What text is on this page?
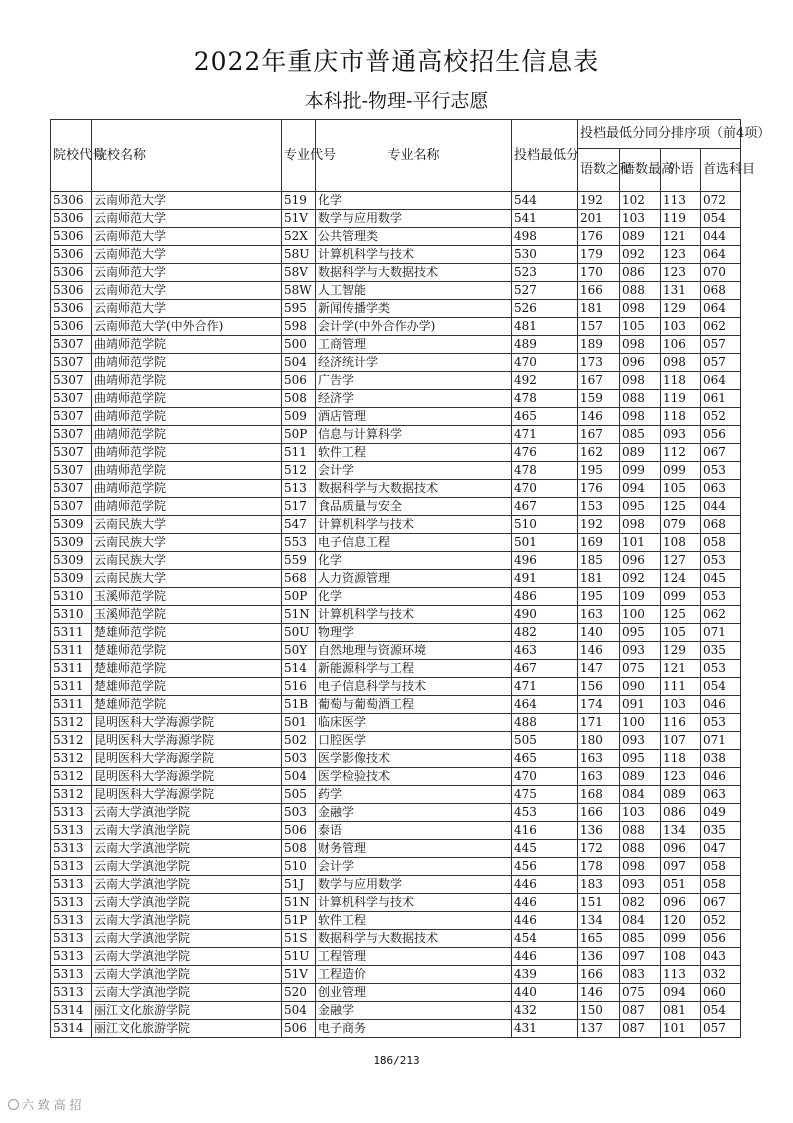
2022年重庆市普通高校招生信息表
本科批-物理-平行志愿
院校代号	院校名称	专业代号	专业名称	投档最低分	投档最低分同分排序项（前4项）			
					语数之和	语数最高	外语	首选科目
5306	云南师范大学	519	化学	544	192	102	113	072
5306	云南师范大学	51V	数学与应用数学	541	201	103	119	054
5306	云南师范大学	52X	公共管理类	498	176	089	121	044
5306	云南师范大学	58U	计算机科学与技术	530	179	092	123	064
5306	云南师范大学	58V	数据科学与大数据技术	523	170	086	123	070
5306	云南师范大学	58W	人工智能	527	166	088	131	068
5306	云南师范大学	595	新闻传播学类	526	181	098	129	064
5306	云南师范大学(中外合作)	598	会计学(中外合作办学)	481	157	105	103	062
5307	曲靖师范学院	500	工商管理	489	189	098	106	057
5307	曲靖师范学院	504	经济统计学	470	173	096	098	057
5307	曲靖师范学院	506	广告学	492	167	098	118	064
5307	曲靖师范学院	508	经济学	478	159	088	119	061
5307	曲靖师范学院	509	酒店管理	465	146	098	118	052
5307	曲靖师范学院	50P	信息与计算科学	471	167	085	093	056
5307	曲靖师范学院	511	软件工程	476	162	089	112	067
5307	曲靖师范学院	512	会计学	478	195	099	099	053
5307	曲靖师范学院	513	数据科学与大数据技术	470	176	094	105	063
5307	曲靖师范学院	517	食品质量与安全	467	153	095	125	044
5309	云南民族大学	547	计算机科学与技术	510	192	098	079	068
5309	云南民族大学	553	电子信息工程	501	169	101	108	058
5309	云南民族大学	559	化学	496	185	096	127	053
5309	云南民族大学	568	人力资源管理	491	181	092	124	045
5310	玉溪师范学院	50P	化学	486	195	109	099	053
5310	玉溪师范学院	51N	计算机科学与技术	490	163	100	125	062
5311	楚雄师范学院	50U	物理学	482	140	095	105	071
5311	楚雄师范学院	50Y	自然地理与资源环境	463	146	093	129	035
5311	楚雄师范学院	514	新能源科学与工程	467	147	075	121	053
5311	楚雄师范学院	516	电子信息科学与技术	471	156	090	111	054
5311	楚雄师范学院	51B	葡萄与葡萄酒工程	464	174	091	103	046
5312	昆明医科大学海源学院	501	临床医学	488	171	100	116	053
5312	昆明医科大学海源学院	502	口腔医学	505	180	093	107	071
5312	昆明医科大学海源学院	503	医学影像技术	465	163	095	118	038
5312	昆明医科大学海源学院	504	医学检验技术	470	163	089	123	046
5312	昆明医科大学海源学院	505	药学	475	168	084	089	063
5313	云南大学滇池学院	503	金融学	453	166	103	086	049
5313	云南大学滇池学院	506	泰语	416	136	088	134	035
5313	云南大学滇池学院	508	财务管理	445	172	088	096	047
5313	云南大学滇池学院	510	会计学	456	178	098	097	058
5313	云南大学滇池学院	51J	数学与应用数学	446	183	093	051	058
5313	云南大学滇池学院	51N	计算机科学与技术	446	151	082	096	067
5313	云南大学滇池学院	51P	软件工程	446	134	084	120	052
5313	云南大学滇池学院	51S	数据科学与大数据技术	454	165	085	099	056
5313	云南大学滇池学院	51U	工程管理	446	136	097	108	043
5313	云南大学滇池学院	51V	工程造价	439	166	083	113	032
5313	云南大学滇池学院	520	创业管理	440	146	075	094	060
5314	丽江文化旅游学院	504	金融学	432	150	087	081	054
5314	丽江文化旅游学院	506	电子商务	431	137	087	101	057
186/213
六 致 高 招
